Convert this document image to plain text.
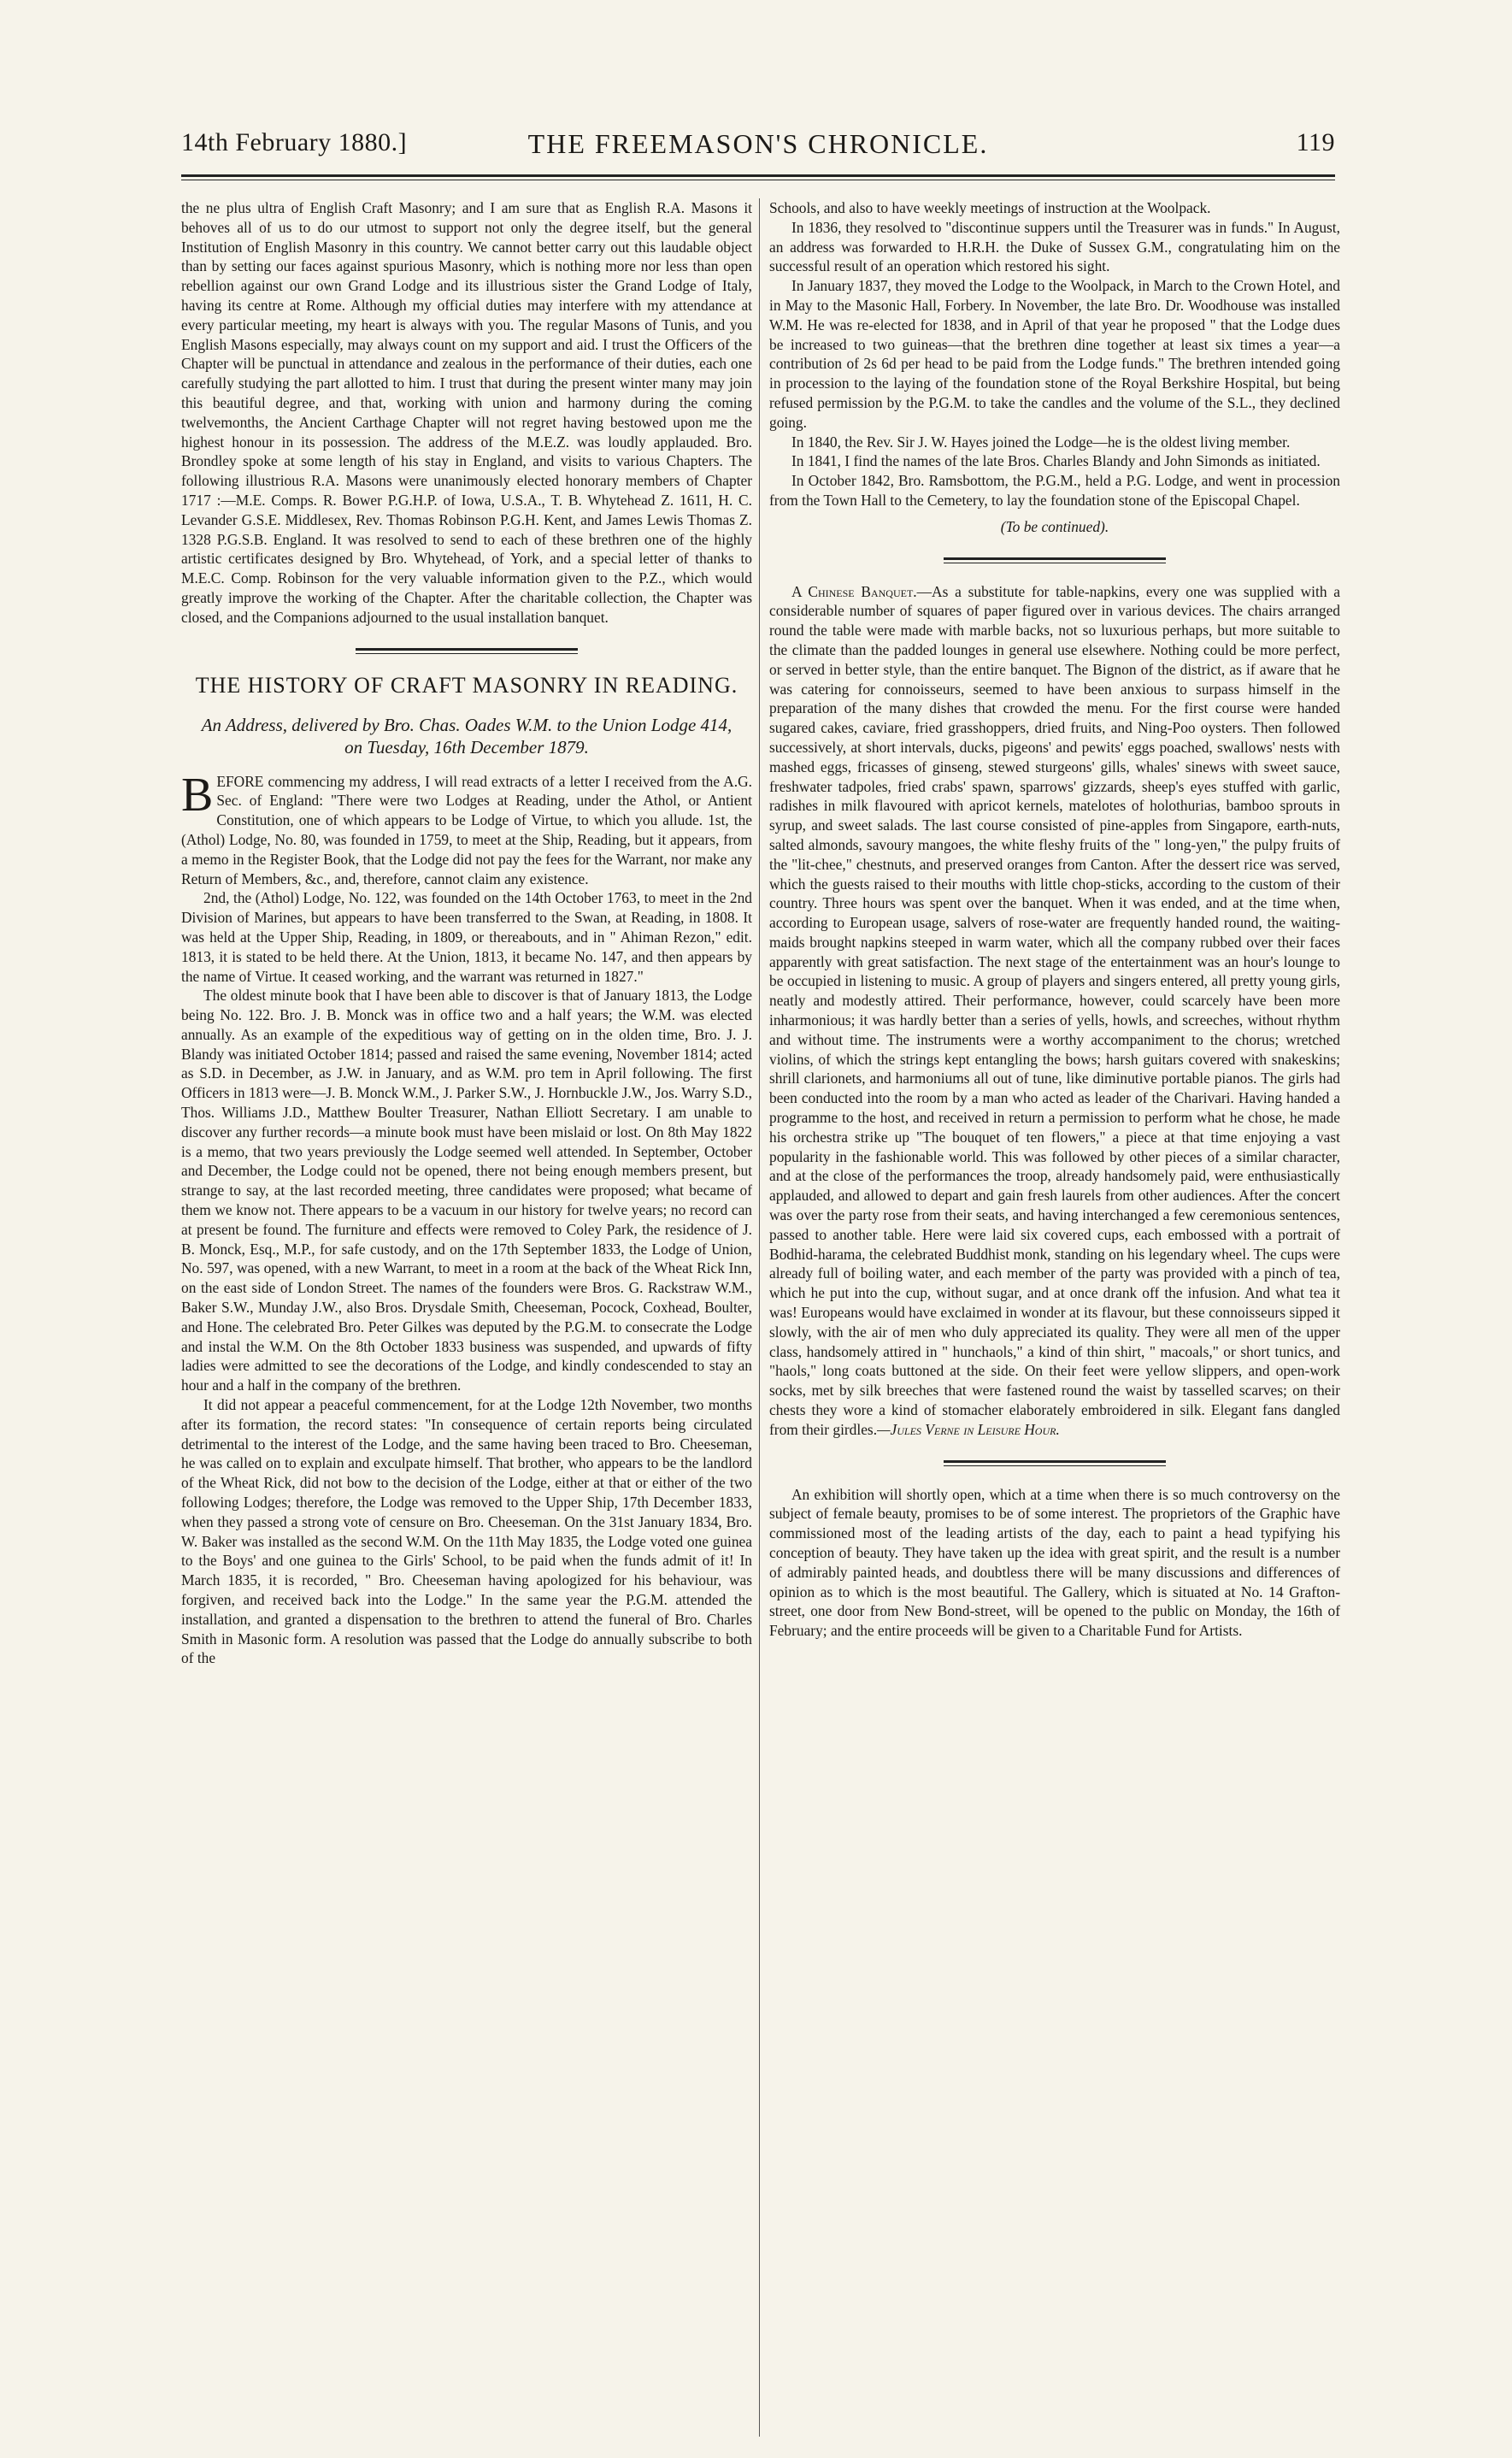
14th February 1880.]	THE FREEMASON'S CHRONICLE.	119

the ne plus ultra of English Craft Masonry; and I am sure that as English R.A. Masons it behoves all of us to do our utmost to support not only the degree itself, but the general Institution of English Masonry in this country. We cannot better carry out this laudable object than by setting our faces against spurious Masonry, which is nothing more nor less than open rebellion against our own Grand Lodge and its illustrious sister the Grand Lodge of Italy, having its centre at Rome. Although my official duties may interfere with my attendance at every particular meeting, my heart is always with you. The regular Masons of Tunis, and you English Masons especially, may always count on my support and aid. I trust the Officers of the Chapter will be punctual in attendance and zealous in the performance of their duties, each one carefully studying the part allotted to him. I trust that during the present winter many may join this beautiful degree, and that, working with union and harmony during the coming twelvemonths, the Ancient Carthage Chapter will not regret having bestowed upon me the highest honour in its possession. The address of the M.E.Z. was loudly applauded. Bro. Brondley spoke at some length of his stay in England, and visits to various Chapters. The following illustrious R.A. Masons were unanimously elected honorary members of Chapter 1717 :—M.E. Comps. R. Bower P.G.H.P. of Iowa, U.S.A., T. B. Whytehead Z. 1611, H. C. Levander G.S.E. Middlesex, Rev. Thomas Robinson P.G.H. Kent, and James Lewis Thomas Z. 1328 P.G.S.B. England. It was resolved to send to each of these brethren one of the highly artistic certificates designed by Bro. Whytehead, of York, and a special letter of thanks to M.E.C. Comp. Robinson for the very valuable information given to the P.Z., which would greatly improve the working of the Chapter. After the charitable collection, the Chapter was closed, and the Companions adjourned to the usual installation banquet.

THE HISTORY OF CRAFT MASONRY IN READING.
An Address, delivered by Bro. Chas. Oades W.M. to the Union Lodge 414, on Tuesday, 16th December 1879.

BEFORE commencing my address, I will read extracts of a letter I received from the A.G. Sec. of England: "There were two Lodges at Reading, under the Athol, or Antient Constitution, one of which appears to be Lodge of Virtue, to which you allude. 1st, the (Athol) Lodge, No. 80, was founded in 1759, to meet at the Ship, Reading, but it appears, from a memo in the Register Book, that the Lodge did not pay the fees for the Warrant, nor make any Return of Members, &c., and, therefore, cannot claim any existence.

2nd, the (Athol) Lodge, No. 122, was founded on the 14th October 1763, to meet in the 2nd Division of Marines, but appears to have been transferred to the Swan, at Reading, in 1808. It was held at the Upper Ship, Reading, in 1809, or thereabouts, and in " Ahiman Rezon," edit. 1813, it is stated to be held there. At the Union, 1813, it became No. 147, and then appears by the name of Virtue. It ceased working, and the warrant was returned in 1827."

The oldest minute book that I have been able to discover is that of January 1813, the Lodge being No. 122. Bro. J. B. Monck was in office two and a half years; the W.M. was elected annually. As an example of the expeditious way of getting on in the olden time, Bro. J. J. Blandy was initiated October 1814; passed and raised the same evening, November 1814; acted as S.D. in December, as J.W. in January, and as W.M. pro tem in April following. The first Officers in 1813 were—J. B. Monck W.M., J. Parker S.W., J. Hornbuckle J.W., Jos. Warry S.D., Thos. Williams J.D., Matthew Boulter Treasurer, Nathan Elliott Secretary. I am unable to discover any further records—a minute book must have been mislaid or lost. On 8th May 1822 is a memo, that two years previously the Lodge seemed well attended. In September, October and December, the Lodge could not be opened, there not being enough members present, but strange to say, at the last recorded meeting, three candidates were proposed; what became of them we know not. There appears to be a vacuum in our history for twelve years; no record can at present be found. The furniture and effects were removed to Coley Park, the residence of J. B. Monck, Esq., M.P., for safe custody, and on the 17th September 1833, the Lodge of Union, No. 597, was opened, with a new Warrant, to meet in a room at the back of the Wheat Rick Inn, on the east side of London Street. The names of the founders were Bros. G. Rackstraw W.M., Baker S.W., Munday J.W., also Bros. Drysdale Smith, Cheeseman, Pocock, Coxhead, Boulter, and Hone. The celebrated Bro. Peter Gilkes was deputed by the P.G.M. to consecrate the Lodge and instal the W.M. On the 8th October 1833 business was suspended, and upwards of fifty ladies were admitted to see the decorations of the Lodge, and kindly condescended to stay an hour and a half in the company of the brethren.

It did not appear a peaceful commencement, for at the Lodge 12th November, two months after its formation, the record states: "In consequence of certain reports being circulated detrimental to the interest of the Lodge, and the same having been traced to Bro. Cheeseman, he was called on to explain and exculpate himself. That brother, who appears to be the landlord of the Wheat Rick, did not bow to the decision of the Lodge, either at that or either of the two following Lodges; therefore, the Lodge was removed to the Upper Ship, 17th December 1833, when they passed a strong vote of censure on Bro. Cheeseman. On the 31st January 1834, Bro. W. Baker was installed as the second W.M. On the 11th May 1835, the Lodge voted one guinea to the Boys' and one guinea to the Girls' School, to be paid when the funds admit of it! In March 1835, it is recorded, " Bro. Cheeseman having apologized for his behaviour, was forgiven, and received back into the Lodge." In the same year the P.G.M. attended the installation, and granted a dispensation to the brethren to attend the funeral of Bro. Charles Smith in Masonic form. A resolution was passed that the Lodge do annually subscribe to both of the

Schools, and also to have weekly meetings of instruction at the Woolpack.

In 1836, they resolved to "discontinue suppers until the Treasurer was in funds." In August, an address was forwarded to H.R.H. the Duke of Sussex G.M., congratulating him on the successful result of an operation which restored his sight.

In January 1837, they moved the Lodge to the Woolpack, in March to the Crown Hotel, and in May to the Masonic Hall, Forbery. In November, the late Bro. Dr. Woodhouse was installed W.M. He was re-elected for 1838, and in April of that year he proposed " that the Lodge dues be increased to two guineas—that the brethren dine together at least six times a year—a contribution of 2s 6d per head to be paid from the Lodge funds." The brethren intended going in procession to the laying of the foundation stone of the Royal Berkshire Hospital, but being refused permission by the P.G.M. to take the candles and the volume of the S.L., they declined going.

In 1840, the Rev. Sir J. W. Hayes joined the Lodge—he is the oldest living member.

In 1841, I find the names of the late Bros. Charles Blandy and John Simonds as initiated.

In October 1842, Bro. Ramsbottom, the P.G.M., held a P.G. Lodge, and went in procession from the Town Hall to the Cemetery, to lay the foundation stone of the Episcopal Chapel.

(To be continued).

A Chinese Banquet.—As a substitute for table-napkins, every one was supplied with a considerable number of squares of paper figured over in various devices. The chairs arranged round the table were made with marble backs, not so luxurious perhaps, but more suitable to the climate than the padded lounges in general use elsewhere. Nothing could be more perfect, or served in better style, than the entire banquet. The Bignon of the district, as if aware that he was catering for connoisseurs, seemed to have been anxious to surpass himself in the preparation of the many dishes that crowded the menu. For the first course were handed sugared cakes, caviare, fried grasshoppers, dried fruits, and Ning-Poo oysters. Then followed successively, at short intervals, ducks, pigeons' and pewits' eggs poached, swallows' nests with mashed eggs, fricasses of ginseng, stewed sturgeons' gills, whales' sinews with sweet sauce, freshwater tadpoles, fried crabs' spawn, sparrows' gizzards, sheep's eyes stuffed with garlic, radishes in milk flavoured with apricot kernels, matelotes of holothurias, bamboo sprouts in syrup, and sweet salads. The last course consisted of pine-apples from Singapore, earth-nuts, salted almonds, savoury mangoes, the white fleshy fruits of the " long-yen," the pulpy fruits of the "lit-chee," chestnuts, and preserved oranges from Canton. After the dessert rice was served, which the guests raised to their mouths with little chop-sticks, according to the custom of their country. Three hours was spent over the banquet. When it was ended, and at the time when, according to European usage, salvers of rose-water are frequently handed round, the waiting-maids brought napkins steeped in warm water, which all the company rubbed over their faces apparently with great satisfaction. The next stage of the entertainment was an hour's lounge to be occupied in listening to music. A group of players and singers entered, all pretty young girls, neatly and modestly attired. Their performance, however, could scarcely have been more inharmonious; it was hardly better than a series of yells, howls, and screeches, without rhythm and without time. The instruments were a worthy accompaniment to the chorus; wretched violins, of which the strings kept entangling the bows; harsh guitars covered with snakeskins; shrill clarionets, and harmoniums all out of tune, like diminutive portable pianos. The girls had been conducted into the room by a man who acted as leader of the Charivari. Having handed a programme to the host, and received in return a permission to perform what he chose, he made his orchestra strike up "The bouquet of ten flowers," a piece at that time enjoying a vast popularity in the fashionable world. This was followed by other pieces of a similar character, and at the close of the performances the troop, already handsomely paid, were enthusiastically applauded, and allowed to depart and gain fresh laurels from other audiences. After the concert was over the party rose from their seats, and having interchanged a few ceremonious sentences, passed to another table. Here were laid six covered cups, each embossed with a portrait of Bodhid-harama, the celebrated Buddhist monk, standing on his legendary wheel. The cups were already full of boiling water, and each member of the party was provided with a pinch of tea, which he put into the cup, without sugar, and at once drank off the infusion. And what tea it was! Europeans would have exclaimed in wonder at its flavour, but these connoisseurs sipped it slowly, with the air of men who duly appreciated its quality. They were all men of the upper class, handsomely attired in " hunchaols," a kind of thin shirt, " macoals," or short tunics, and "haols," long coats buttoned at the side. On their feet were yellow slippers, and open-work socks, met by silk breeches that were fastened round the waist by tasselled scarves; on their chests they wore a kind of stomacher elaborately embroidered in silk. Elegant fans dangled from their girdles.—Jules Verne in Leisure Hour.

An exhibition will shortly open, which at a time when there is so much controversy on the subject of female beauty, promises to be of some interest. The proprietors of the Graphic have commissioned most of the leading artists of the day, each to paint a head typifying his conception of beauty. They have taken up the idea with great spirit, and the result is a number of admirably painted heads, and doubtless there will be many discussions and differences of opinion as to which is the most beautiful. The Gallery, which is situated at No. 14 Grafton-street, one door from New Bond-street, will be opened to the public on Monday, the 16th of February; and the entire proceeds will be given to a Charitable Fund for Artists.
